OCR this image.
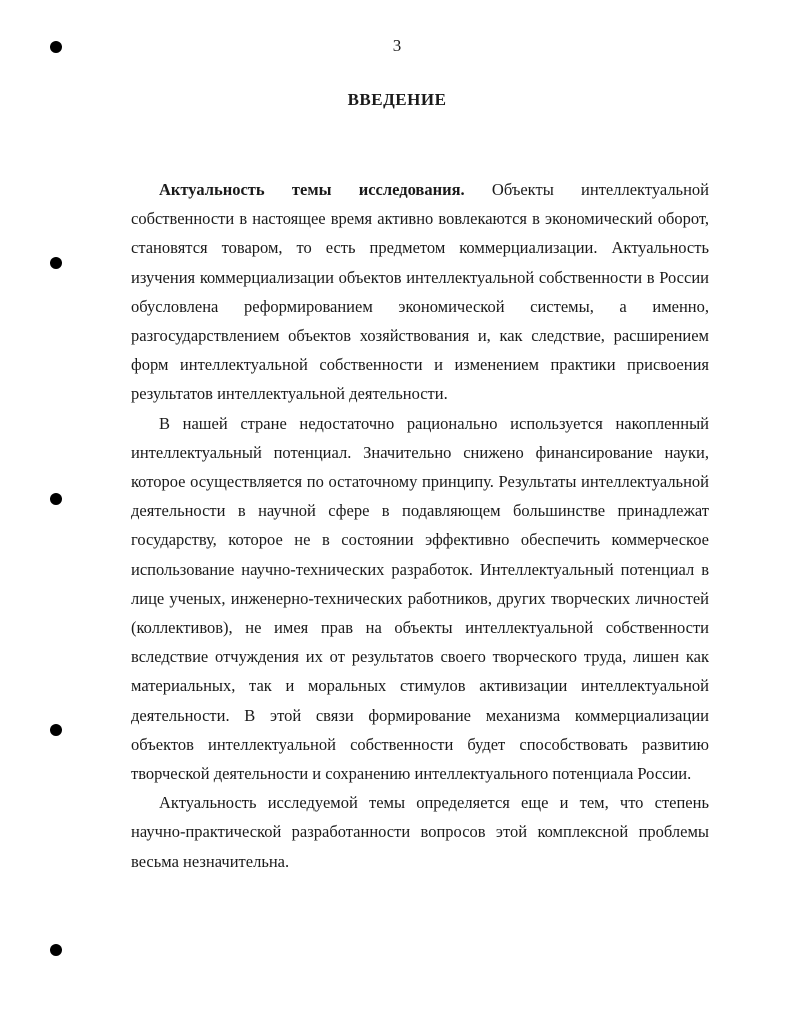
3
ВВЕДЕНИЕ

Актуальность темы исследования. Объекты интеллектуальной собственности в настоящее время активно вовлекаются в экономический оборот, становятся товаром, то есть предметом коммерциализации. Актуальность изучения коммерциализации объектов интеллектуальной собственности в России обусловлена реформированием экономической системы, а именно, разгосударствлением объектов хозяйствования и, как следствие, расширением форм интеллектуальной собственности и изменением практики присвоения результатов интеллектуальной деятельности.

В нашей стране недостаточно рационально используется накопленный интеллектуальный потенциал. Значительно снижено финансирование науки, которое осуществляется по остаточному принципу. Результаты интеллектуальной деятельности в научной сфере в подавляющем большинстве принадлежат государству, которое не в состоянии эффективно обеспечить коммерческое использование научно-технических разработок. Интеллектуальный потенциал в лице ученых, инженерно-технических работников, других творческих личностей (коллективов), не имея прав на объекты интеллектуальной собственности вследствие отчуждения их от результатов своего творческого труда, лишен как материальных, так и моральных стимулов активизации интеллектуальной деятельности. В этой связи формирование механизма коммерциализации объектов интеллектуальной собственности будет способствовать развитию творческой деятельности и сохранению интеллектуального потенциала России.

Актуальность исследуемой темы определяется еще и тем, что степень научно-практической разработанности вопросов этой комплексной проблемы весьма незначительна.
